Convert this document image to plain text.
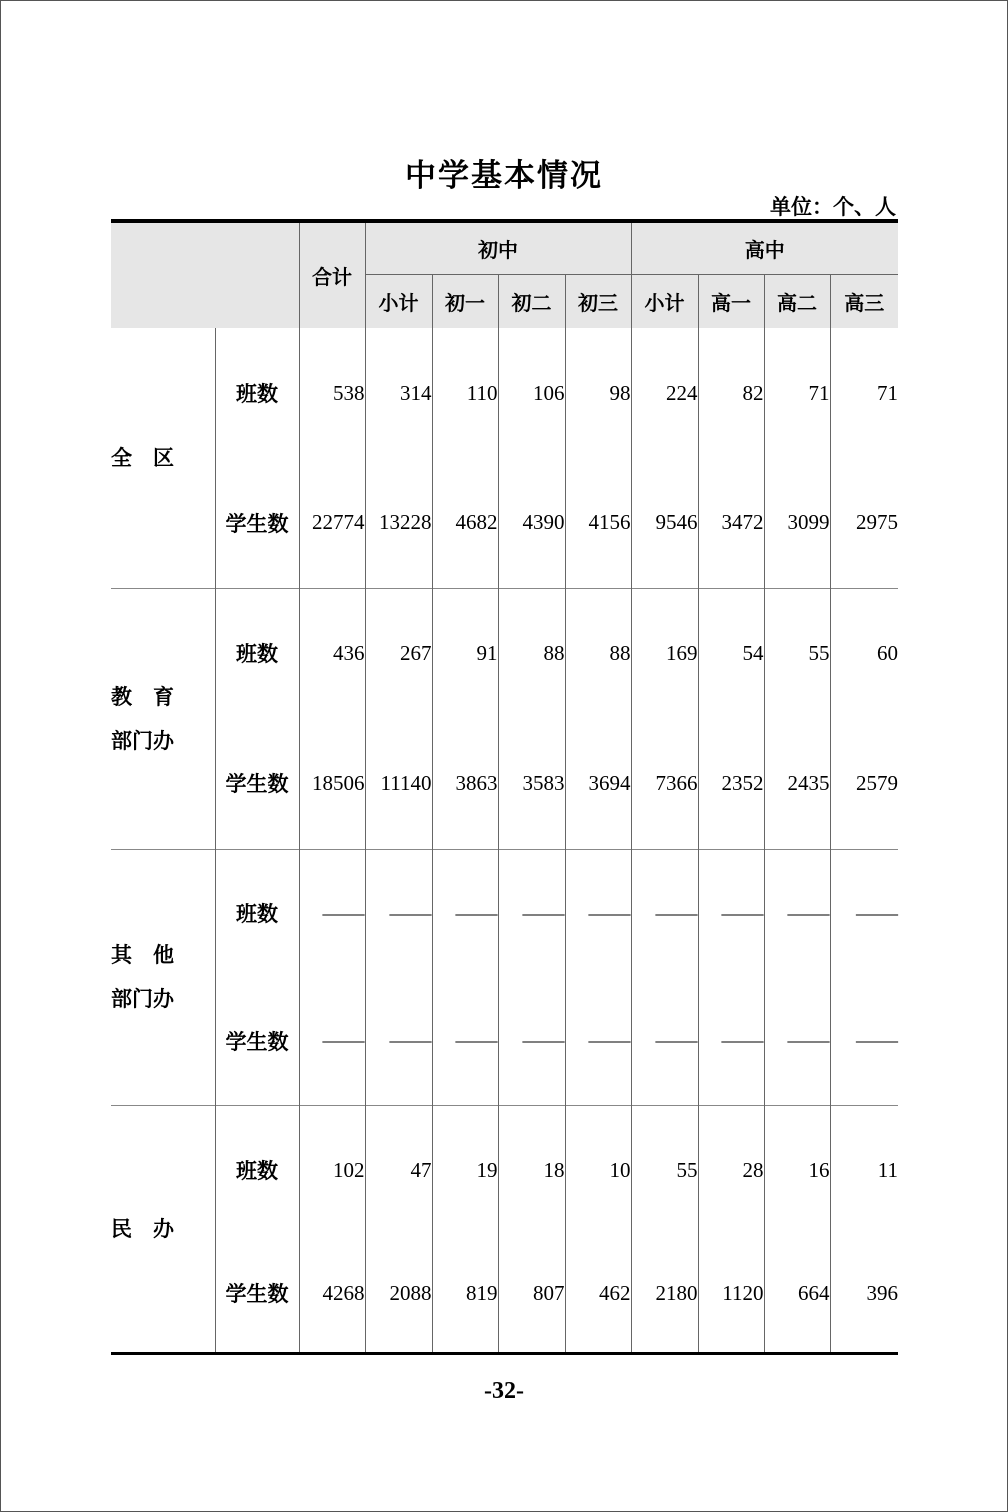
中学基本情况
单位：个、人
		合计	初中				高中			
			小计	初一	初二	初三	小计	高一	高二	高三
全　区	班数	538	314	110	106	98	224	82	71	71
	学生数	22774	13228	4682	4390	4156	9546	3472	3099	2975

教　育
部门办	班数	436	267	91	88	88	169	54	55	60
	学生数	18506	11140	3863	3583	3694	7366	2352	2435	2579

其　他
部门办	班数	——	——	——	——	——	——	——	——	——
	学生数	——	——	——	——	——	——	——	——	——
民　办	班数	102	47	19	18	10	55	28	16	11
	学生数	4268	2088	819	807	462	2180	1120	664	396
-32-
